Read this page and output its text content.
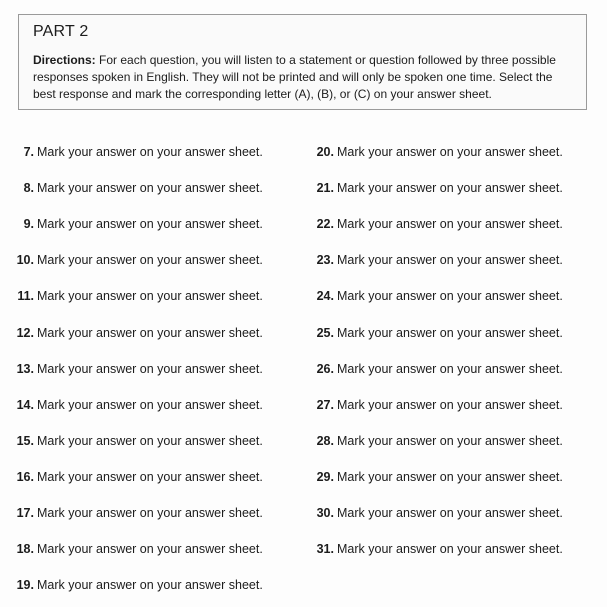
PART 2

Directions: For each question, you will listen to a statement or question followed by three possible responses spoken in English. They will not be printed and will only be spoken one time. Select the best response and mark the corresponding letter (A), (B), or (C) on your answer sheet.

7. Mark your answer on your answer sheet.
8. Mark your answer on your answer sheet.
9. Mark your answer on your answer sheet.
10. Mark your answer on your answer sheet.
11. Mark your answer on your answer sheet.
12. Mark your answer on your answer sheet.
13. Mark your answer on your answer sheet.
14. Mark your answer on your answer sheet.
15. Mark your answer on your answer sheet.
16. Mark your answer on your answer sheet.
17. Mark your answer on your answer sheet.
18. Mark your answer on your answer sheet.
19. Mark your answer on your answer sheet.
20. Mark your answer on your answer sheet.
21. Mark your answer on your answer sheet.
22. Mark your answer on your answer sheet.
23. Mark your answer on your answer sheet.
24. Mark your answer on your answer sheet.
25. Mark your answer on your answer sheet.
26. Mark your answer on your answer sheet.
27. Mark your answer on your answer sheet.
28. Mark your answer on your answer sheet.
29. Mark your answer on your answer sheet.
30. Mark your answer on your answer sheet.
31. Mark your answer on your answer sheet.
